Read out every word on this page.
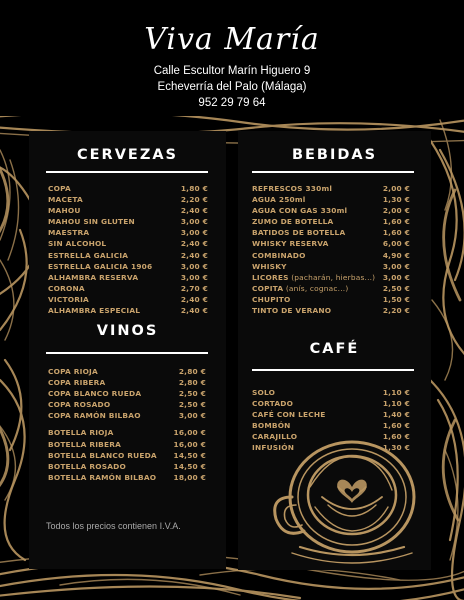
Viva María
Calle Escultor Marín Higuero 9
Echeverría del Palo (Málaga)
952 29 79 64
CERVEZAS
COPA	1,80 €
MACETA	2,20 €
MAHOU	2,40 €
MAHOU SIN GLUTEN	3,00 €
MAESTRA	3,00 €
SIN ALCOHOL	2,40 €
ESTRELLA GALICIA	2,40 €
ESTRELLA GALICIA 1906	3,00 €
ALHAMBRA RESERVA	3,00 €
CORONA	2,70 €
VICTORIA	2,40 €
ALHAMBRA ESPECIAL	2,40 €
VINOS
COPA RIOJA	2,80 €
COPA RIBERA	2,80 €
COPA BLANCO RUEDA	2,50 €
COPA ROSADO	2,50 €
COPA RAMÓN BILBAO	3,00 €
BOTELLA RIOJA	16,00 €
BOTELLA RIBERA	16,00 €
BOTELLA BLANCO RUEDA 14,50 €
BOTELLA ROSADO	14,50 €
BOTELLA RAMÓN BILBAO 18,00 €
Todos los precios contienen I.V.A.
BEBIDAS
REFRESCOS 330ml	2,00 €
AGUA 250ml	1,30 €
AGUA CON GAS 330ml	2,00 €
ZUMO DE BOTELLA	1,60 €
BATIDOS DE BOTELLA	1,60 €
WHISKY RESERVA	6,00 €
COMBINADO	4,90 €
WHISKY	3,00 €
LICORES (pacharán, hierbas...) 3,00 €
COPITA (anís, cognac...)	2,50 €
CHUPITO	1,50 €
TINTO DE VERANO	2,20 €
CAFÉ
SOLO	1,10 €
CORTADO	1,10 €
CAFÉ CON LECHE	1,40 €
BOMBÓN	1,60 €
CARAJILLO	1,60 €
INFUSIÓN	1,30 €
